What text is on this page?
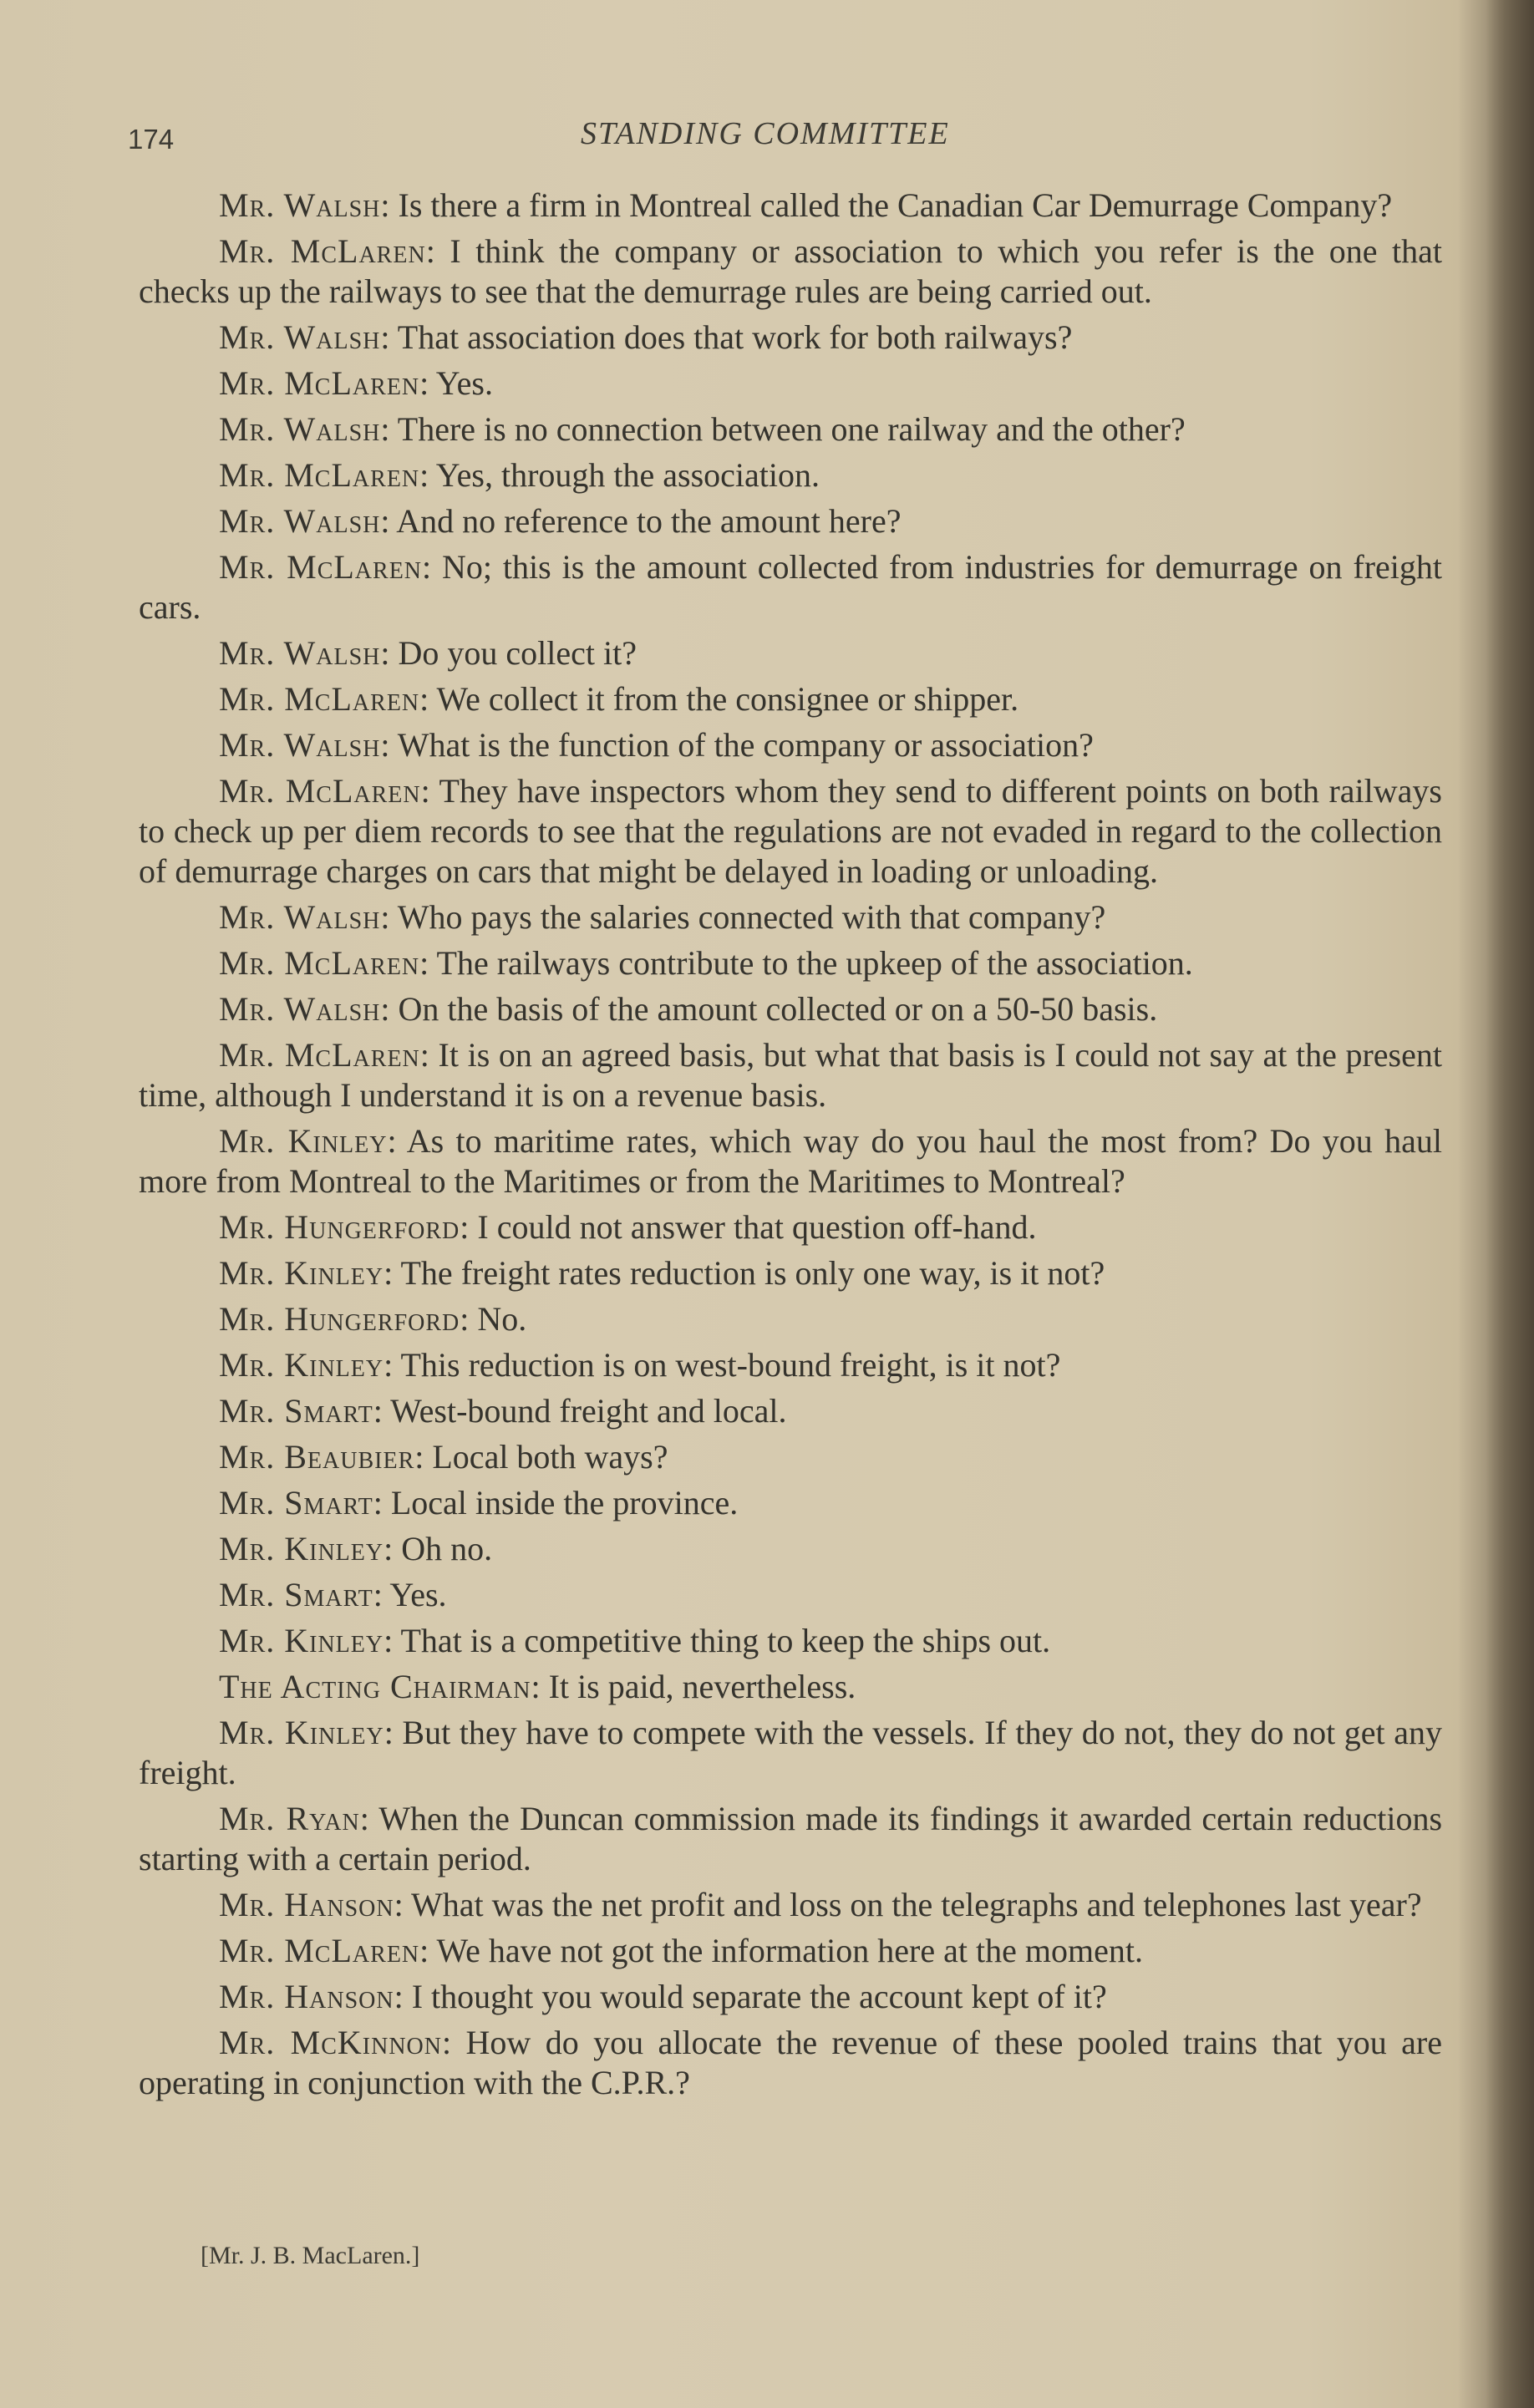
174	STANDING COMMITTEE

Mr. Walsh: Is there a firm in Montreal called the Canadian Car Demurrage Company?

Mr. McLaren: I think the company or association to which you refer is the one that checks up the railways to see that the demurrage rules are being carried out.

Mr. Walsh: That association does that work for both railways?

Mr. McLaren: Yes.

Mr. Walsh: There is no connection between one railway and the other?

Mr. McLaren: Yes, through the association.

Mr. Walsh: And no reference to the amount here?

Mr. McLaren: No; this is the amount collected from industries for demurrage on freight cars.

Mr. Walsh: Do you collect it?

Mr. McLaren: We collect it from the consignee or shipper.

Mr. Walsh: What is the function of the company or association?

Mr. McLaren: They have inspectors whom they send to different points on both railways to check up per diem records to see that the regulations are not evaded in regard to the collection of demurrage charges on cars that might be delayed in loading or unloading.

Mr. Walsh: Who pays the salaries connected with that company?

Mr. McLaren: The railways contribute to the upkeep of the association.

Mr. Walsh: On the basis of the amount collected or on a 50-50 basis.

Mr. McLaren: It is on an agreed basis, but what that basis is I could not say at the present time, although I understand it is on a revenue basis.

Mr. Kinley: As to maritime rates, which way do you haul the most from? Do you haul more from Montreal to the Maritimes or from the Maritimes to Montreal?

Mr. Hungerford: I could not answer that question off-hand.

Mr. Kinley: The freight rates reduction is only one way, is it not?

Mr. Hungerford: No.

Mr. Kinley: This reduction is on west-bound freight, is it not?

Mr. Smart: West-bound freight and local.

Mr. Beaubier: Local both ways?

Mr. Smart: Local inside the province.

Mr. Kinley: Oh no.

Mr. Smart: Yes.

Mr. Kinley: That is a competitive thing to keep the ships out.

The Acting Chairman: It is paid, nevertheless.

Mr. Kinley: But they have to compete with the vessels. If they do not, they do not get any freight.

Mr. Ryan: When the Duncan commission made its findings it awarded certain reductions starting with a certain period.

Mr. Hanson: What was the net profit and loss on the telegraphs and telephones last year?

Mr. McLaren: We have not got the information here at the moment.

Mr. Hanson: I thought you would separate the account kept of it?

Mr. McKinnon: How do you allocate the revenue of these pooled trains that you are operating in conjunction with the C.P.R.?

[Mr. J. B. MacLaren.]
